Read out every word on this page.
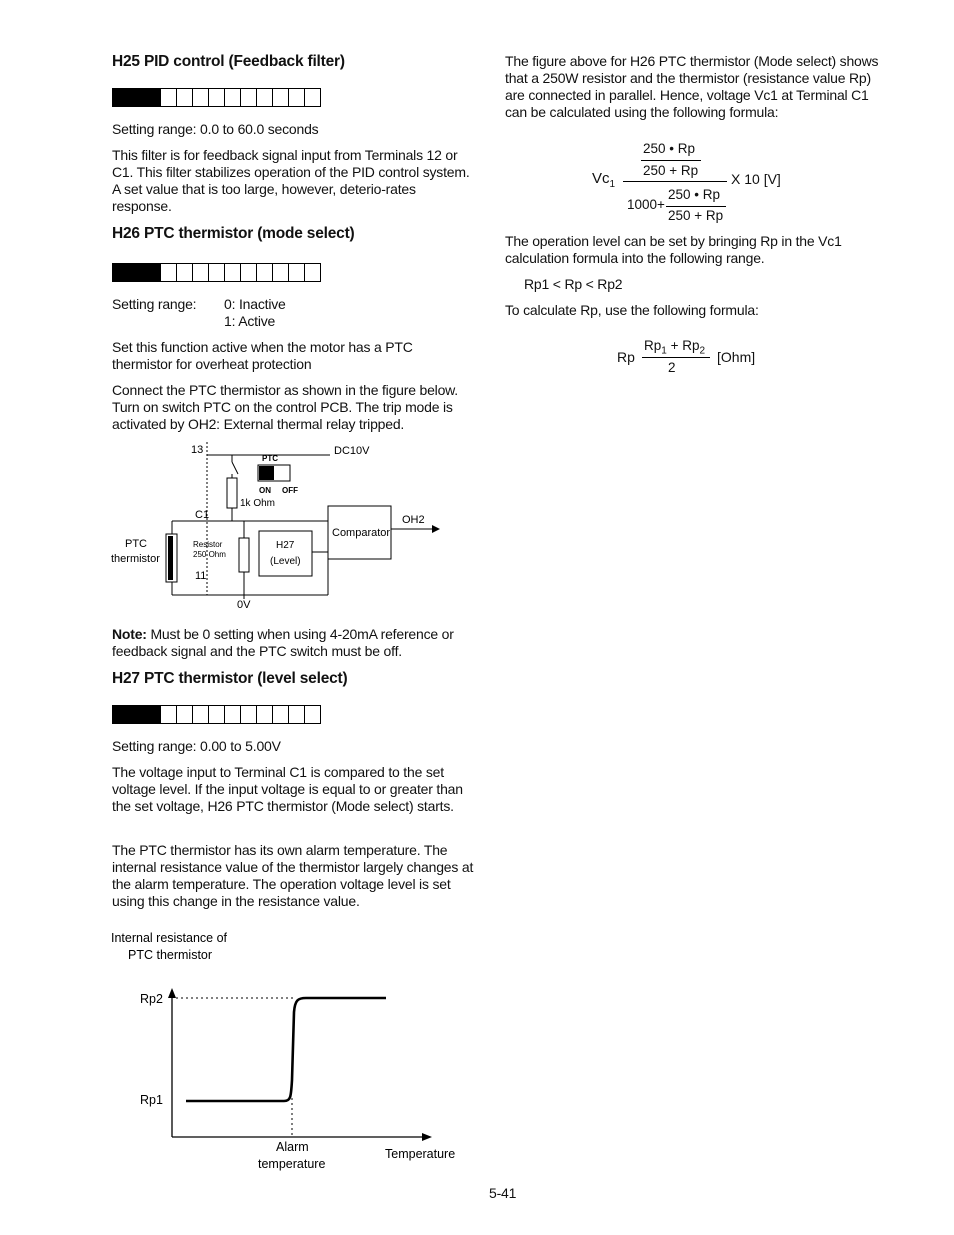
H25 PID control (Feedback filter)
Setting range: 0.0 to 60.0 seconds
This filter is for feedback signal input from Terminals 12 or C1. This filter stabilizes operation of the PID control system. A set value that is too large, however, deterio-rates response.
H26 PTC thermistor (mode select)
Setting range: 0: Inactive
1: Active
Set this function active when the motor has a PTC thermistor for overheat protection
Connect the PTC thermistor as shown in the figure below. Turn on switch PTC on the control PCB. The trip mode is activated by OH2: External thermal relay tripped.
13	DC10V
PTC
ON OFF
1k Ohm
C1
Comparator
OH2
PTC
thermistor
Resistor
250 Ohm
H27
(Level)
11
0V
Note: Must be 0 setting when using 4-20mA reference or feedback signal and the PTC switch must be off.
H27 PTC thermistor (level select)
Setting range: 0.00 to 5.00V
The voltage input to Terminal C1 is compared to the set voltage level. If the input voltage is equal to or greater than the set voltage, H26 PTC thermistor (Mode select) starts.
The PTC thermistor has its own alarm temperature. The internal resistance value of the thermistor largely changes at the alarm temperature. The operation voltage level is set using this change in the resistance value.
Internal resistance of
PTC thermistor
Rp2
Rp1
Alarm
temperature
Temperature
The figure above for H26 PTC thermistor (Mode select) shows that a 250W resistor and the thermistor (resistance value Rp) are connected in parallel. Hence, voltage Vc1 at Terminal C1 can be calculated using the following formula:
$Vc_1$
250 • Rp
250 + Rp
1000+
250 • Rp
250 + Rp
X 10 [V]
The operation level can be set by bringing Rp in the Vc1 calculation formula into the following range.
Rp1 < Rp < Rp2
To calculate Rp, use the following formula:
Rp
$Rp_1 + Rp_2$
2
[Ohm]
5-41
